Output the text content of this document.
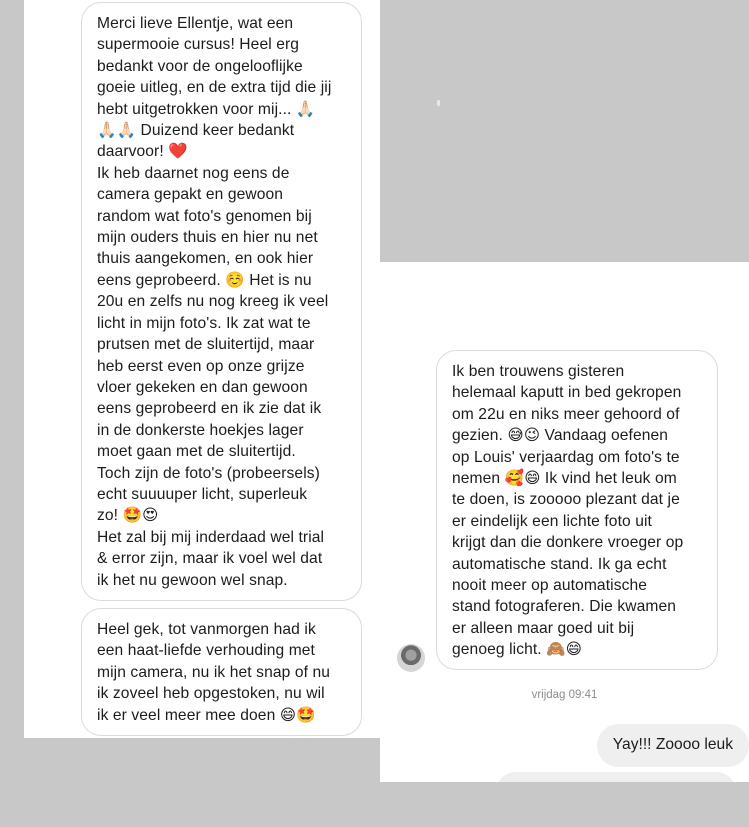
Merci lieve Ellentje, wat een
supermooie cursus! Heel erg
bedankt voor de ongelooflijke
goeie uitleg, en de extra tijd die jij
hebt uitgetrokken voor mij... 🙏🏻
🙏🏻🙏🏻 Duizend keer bedankt
daarvoor! ❤️
Ik heb daarnet nog eens de
camera gepakt en gewoon
random wat foto's genomen bij
mijn ouders thuis en hier nu net
thuis aangekomen, en ook hier
eens geprobeerd. ☺️ Het is nu
20u en zelfs nu nog kreeg ik veel
licht in mijn foto's. Ik zat wat te
prutsen met de sluitertijd, maar
heb eerst even op onze grijze
vloer gekeken en dan gewoon
eens geprobeerd en ik zie dat ik
in de donkerste hoekjes lager
moet gaan met de sluitertijd.
Toch zijn de foto's (probeersels)
echt suuuuper licht, superleuk
zo! 🤩😍
Het zal bij mij inderdaad wel trial
& error zijn, maar ik voel wel dat
ik het nu gewoon wel snap.
Heel gek, tot vanmorgen had ik
een haat-liefde verhouding met
mijn camera, nu ik het snap of nu
ik zoveel heb opgestoken, nu wil
ik er veel meer mee doen 😄🤩
Ik ben trouwens gisteren
helemaal kaputt in bed gekropen
om 22u en niks meer gehoord of
gezien. 😅😉 Vandaag oefenen
op Louis' verjaardag om foto's te
nemen 🥰😄 Ik vind het leuk om
te doen, is zooooo plezant dat je
er eindelijk een lichte foto uit
krijgt dan die donkere vroeger op
automatische stand. Ik ga echt
nooit meer op automatische
stand fotograferen. Die kwamen
er alleen maar goed uit bij
genoeg licht. 🙈😄
vrijdag 09:41
Yay!!! Zoooo leuk
